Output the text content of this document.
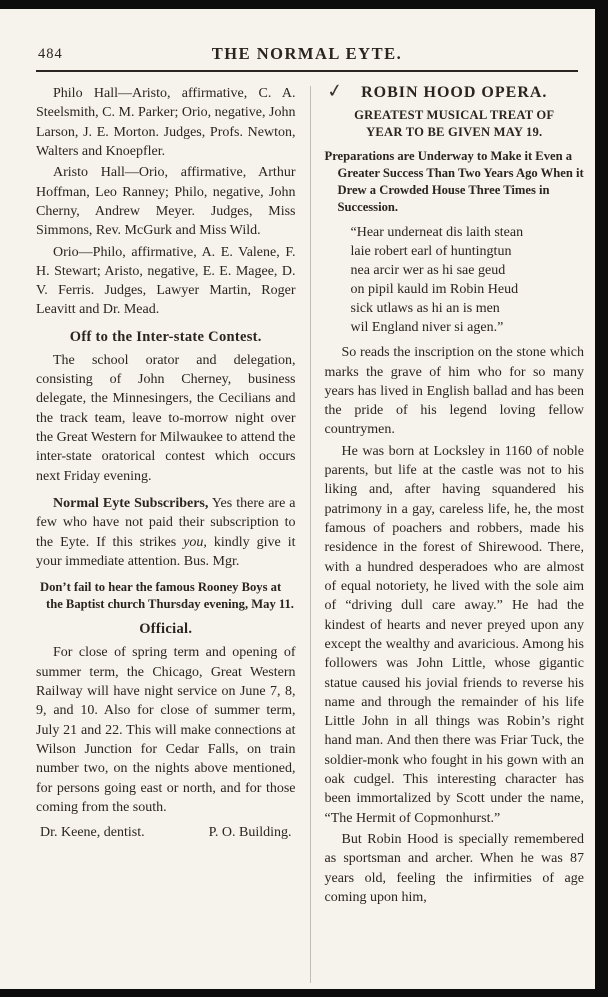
484	THE NORMAL EYTE.

Philo Hall—Aristo, affirmative, C. A. Steelsmith, C. M. Parker; Orio, negative, John Larson, J. E. Morton. Judges, Profs. Newton, Walters and Knoepfler.

Aristo Hall—Orio, affirmative, Arthur Hoffman, Leo Ranney; Philo, negative, John Cherny, Andrew Meyer. Judges, Miss Simmons, Rev. McGurk and Miss Wild.

Orio—Philo, affirmative, A. E. Valene, F. H. Stewart; Aristo, negative, E. E. Magee, D. V. Ferris. Judges, Lawyer Martin, Roger Leavitt and Dr. Mead.

Off to the Inter-state Contest.

The school orator and delegation, consisting of John Cherney, business delegate, the Minnesingers, the Cecilians and the track team, leave to-morrow night over the Great Western for Milwaukee to attend the inter-state oratorical contest which occurs next Friday evening.

Normal Eyte Subscribers, Yes there are a few who have not paid their subscription to the Eyte. If this strikes you, kindly give it your immediate attention. Bus. Mgr.

Don’t fail to hear the famous Rooney Boys at the Baptist church Thursday evening, May 11.

Official.

For close of spring term and opening of summer term, the Chicago, Great Western Railway will have night service on June 7, 8, 9, and 10. Also for close of summer term, July 21 and 22. This will make connections at Wilson Junction for Cedar Falls, on train number two, on the nights above mentioned, for persons going east or north, and for those coming from the south.

Dr. Keene, dentist.	P. O. Building.

✓ ROBIN HOOD OPERA.

GREATEST MUSICAL TREAT OF YEAR TO BE GIVEN MAY 19.

Preparations are Underway to Make it Even a Greater Success Than Two Years Ago When it Drew a Crowded House Three Times in Succession.

“Hear underneat dis laith stean
laie robert earl of huntingtun
nea arcir wer as hi sae geud
on pipil kauld im Robin Heud
sick utlaws as hi an is men
wil England niver si agen.”

So reads the inscription on the stone which marks the grave of him who for so many years has lived in English ballad and has been the pride of his legend loving fellow countrymen.

He was born at Locksley in 1160 of noble parents, but life at the castle was not to his liking and, after having squandered his patrimony in a gay, careless life, he, the most famous of poachers and robbers, made his residence in the forest of Shirewood. There, with a hundred desperadoes who are almost of equal notoriety, he lived with the sole aim of “driving dull care away.” He had the kindest of hearts and never preyed upon any except the wealthy and avaricious. Among his followers was John Little, whose gigantic statue caused his jovial friends to reverse his name and through the remainder of his life Little John in all things was Robin’s right hand man. And then there was Friar Tuck, the soldier-monk who fought in his gown with an oak cudgel. This interesting character has been immortalized by Scott under the name, “The Hermit of Copmonhurst.”

But Robin Hood is specially remembered as sportsman and archer. When he was 87 years old, feeling the infirmities of age coming upon him,
